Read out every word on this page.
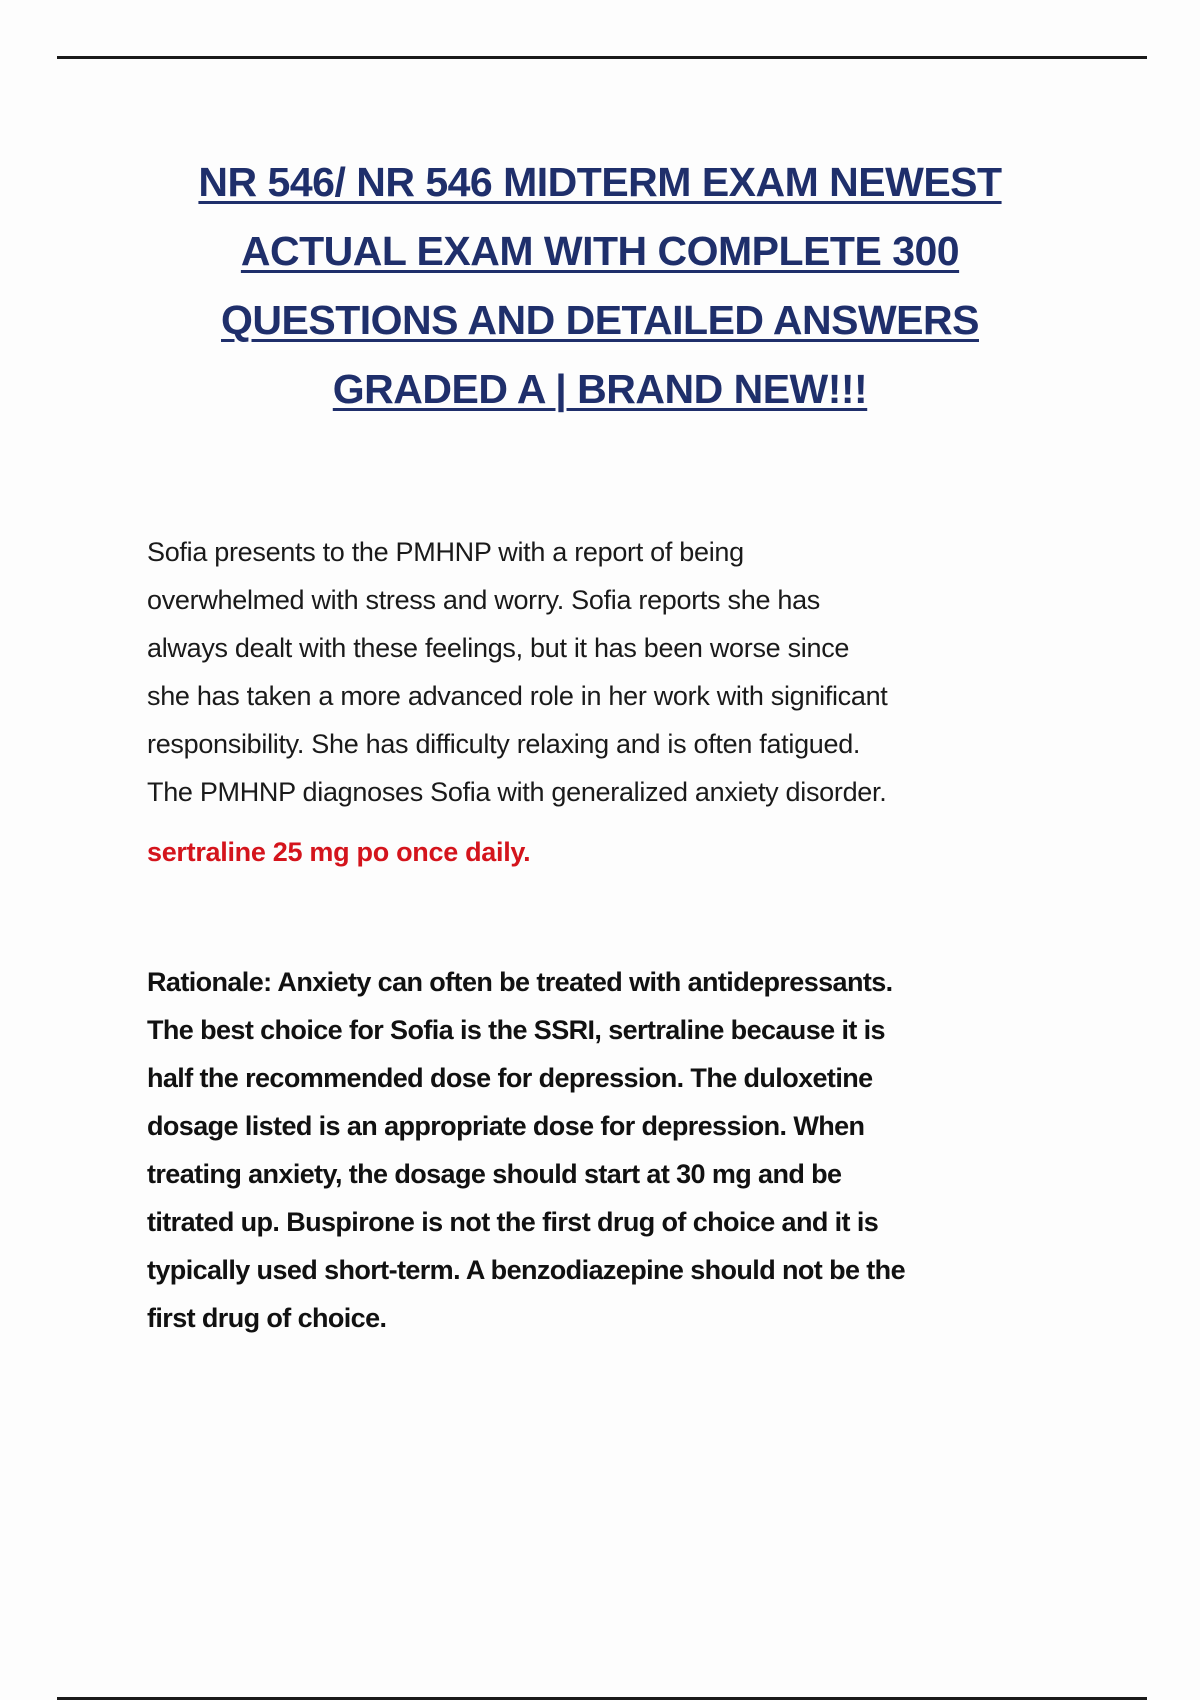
NR 546/ NR 546 MIDTERM EXAM NEWEST
ACTUAL EXAM WITH COMPLETE 300
QUESTIONS AND DETAILED ANSWERS
GRADED A | BRAND NEW!!!

Sofia presents to the PMHNP with a report of being
overwhelmed with stress and worry. Sofia reports she has
always dealt with these feelings, but it has been worse since
she has taken a more advanced role in her work with significant
responsibility. She has difficulty relaxing and is often fatigued.
The PMHNP diagnoses Sofia with generalized anxiety disorder.

sertraline 25 mg po once daily.

Rationale: Anxiety can often be treated with antidepressants.
The best choice for Sofia is the SSRI, sertraline because it is
half the recommended dose for depression. The duloxetine
dosage listed is an appropriate dose for depression. When
treating anxiety, the dosage should start at 30 mg and be
titrated up. Buspirone is not the first drug of choice and it is
typically used short-term. A benzodiazepine should not be the
first drug of choice.
